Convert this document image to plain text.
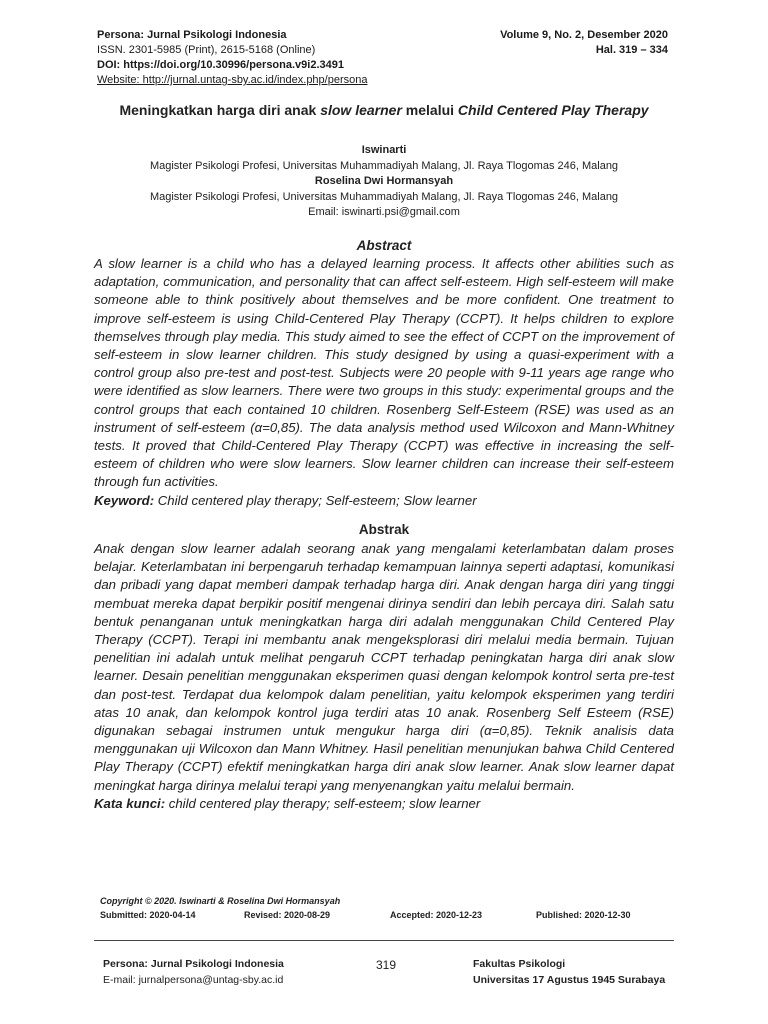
Persona: Jurnal Psikologi Indonesia
ISSN. 2301-5985 (Print), 2615-5168 (Online)
DOI: https://doi.org/10.30996/persona.v9i2.3491
Website: http://jurnal.untag-sby.ac.id/index.php/persona
Volume 9, No. 2, Desember 2020
Hal. 319 – 334
Meningkatkan harga diri anak slow learner melalui Child Centered Play Therapy
Iswinarti
Magister Psikologi Profesi, Universitas Muhammadiyah Malang, Jl. Raya Tlogomas 246, Malang
Roselina Dwi Hormansyah
Magister Psikologi Profesi, Universitas Muhammadiyah Malang, Jl. Raya Tlogomas 246, Malang
Email: iswinarti.psi@gmail.com
Abstract
A slow learner is a child who has a delayed learning process. It affects other abilities such as adaptation, communication, and personality that can affect self-esteem. High self-esteem will make someone able to think positively about themselves and be more confident. One treatment to improve self-esteem is using Child-Centered Play Therapy (CCPT). It helps children to explore themselves through play media. This study aimed to see the effect of CCPT on the improvement of self-esteem in slow learner children. This study designed by using a quasi-experiment with a control group also pre-test and post-test. Subjects were 20 people with 9-11 years age range who were identified as slow learners. There were two groups in this study: experimental groups and the control groups that each contained 10 children. Rosenberg Self-Esteem (RSE) was used as an instrument of self-esteem (α=0,85). The data analysis method used Wilcoxon and Mann-Whitney tests. It proved that Child-Centered Play Therapy (CCPT) was effective in increasing the self-esteem of children who were slow learners. Slow learner children can increase their self-esteem through fun activities.
Keyword: Child centered play therapy; Self-esteem; Slow learner
Abstrak
Anak dengan slow learner adalah seorang anak yang mengalami keterlambatan dalam proses belajar. Keterlambatan ini berpengaruh terhadap kemampuan lainnya seperti adaptasi, komunikasi dan pribadi yang dapat memberi dampak terhadap harga diri. Anak dengan harga diri yang tinggi membuat mereka dapat berpikir positif mengenai dirinya sendiri dan lebih percaya diri. Salah satu bentuk penanganan untuk meningkatkan harga diri adalah menggunakan Child Centered Play Therapy (CCPT). Terapi ini membantu anak mengeksplorasi diri melalui media bermain. Tujuan penelitian ini adalah untuk melihat pengaruh CCPT terhadap peningkatan harga diri anak slow learner. Desain penelitian menggunakan eksperimen quasi dengan kelompok kontrol serta pre-test dan post-test. Terdapat dua kelompok dalam penelitian, yaitu kelompok eksperimen yang terdiri atas 10 anak, dan kelompok kontrol juga terdiri atas 10 anak. Rosenberg Self Esteem (RSE) digunakan sebagai instrumen untuk mengukur harga diri (α=0,85). Teknik analisis data menggunakan uji Wilcoxon dan Mann Whitney. Hasil penelitian menunjukan bahwa Child Centered Play Therapy (CCPT) efektif meningkatkan harga diri anak slow learner. Anak slow learner dapat meningkat harga dirinya melalui terapi yang menyenangkan yaitu melalui bermain.
Kata kunci: child centered play therapy; self-esteem; slow learner
Copyright © 2020. Iswinarti & Roselina Dwi Hormansyah
Submitted: 2020-04-14	Revised: 2020-08-29	Accepted: 2020-12-23	Published: 2020-12-30
Persona: Jurnal Psikologi Indonesia
E-mail: jurnalpersona@untag-sby.ac.id
319	Fakultas Psikologi
Universitas 17 Agustus 1945 Surabaya
